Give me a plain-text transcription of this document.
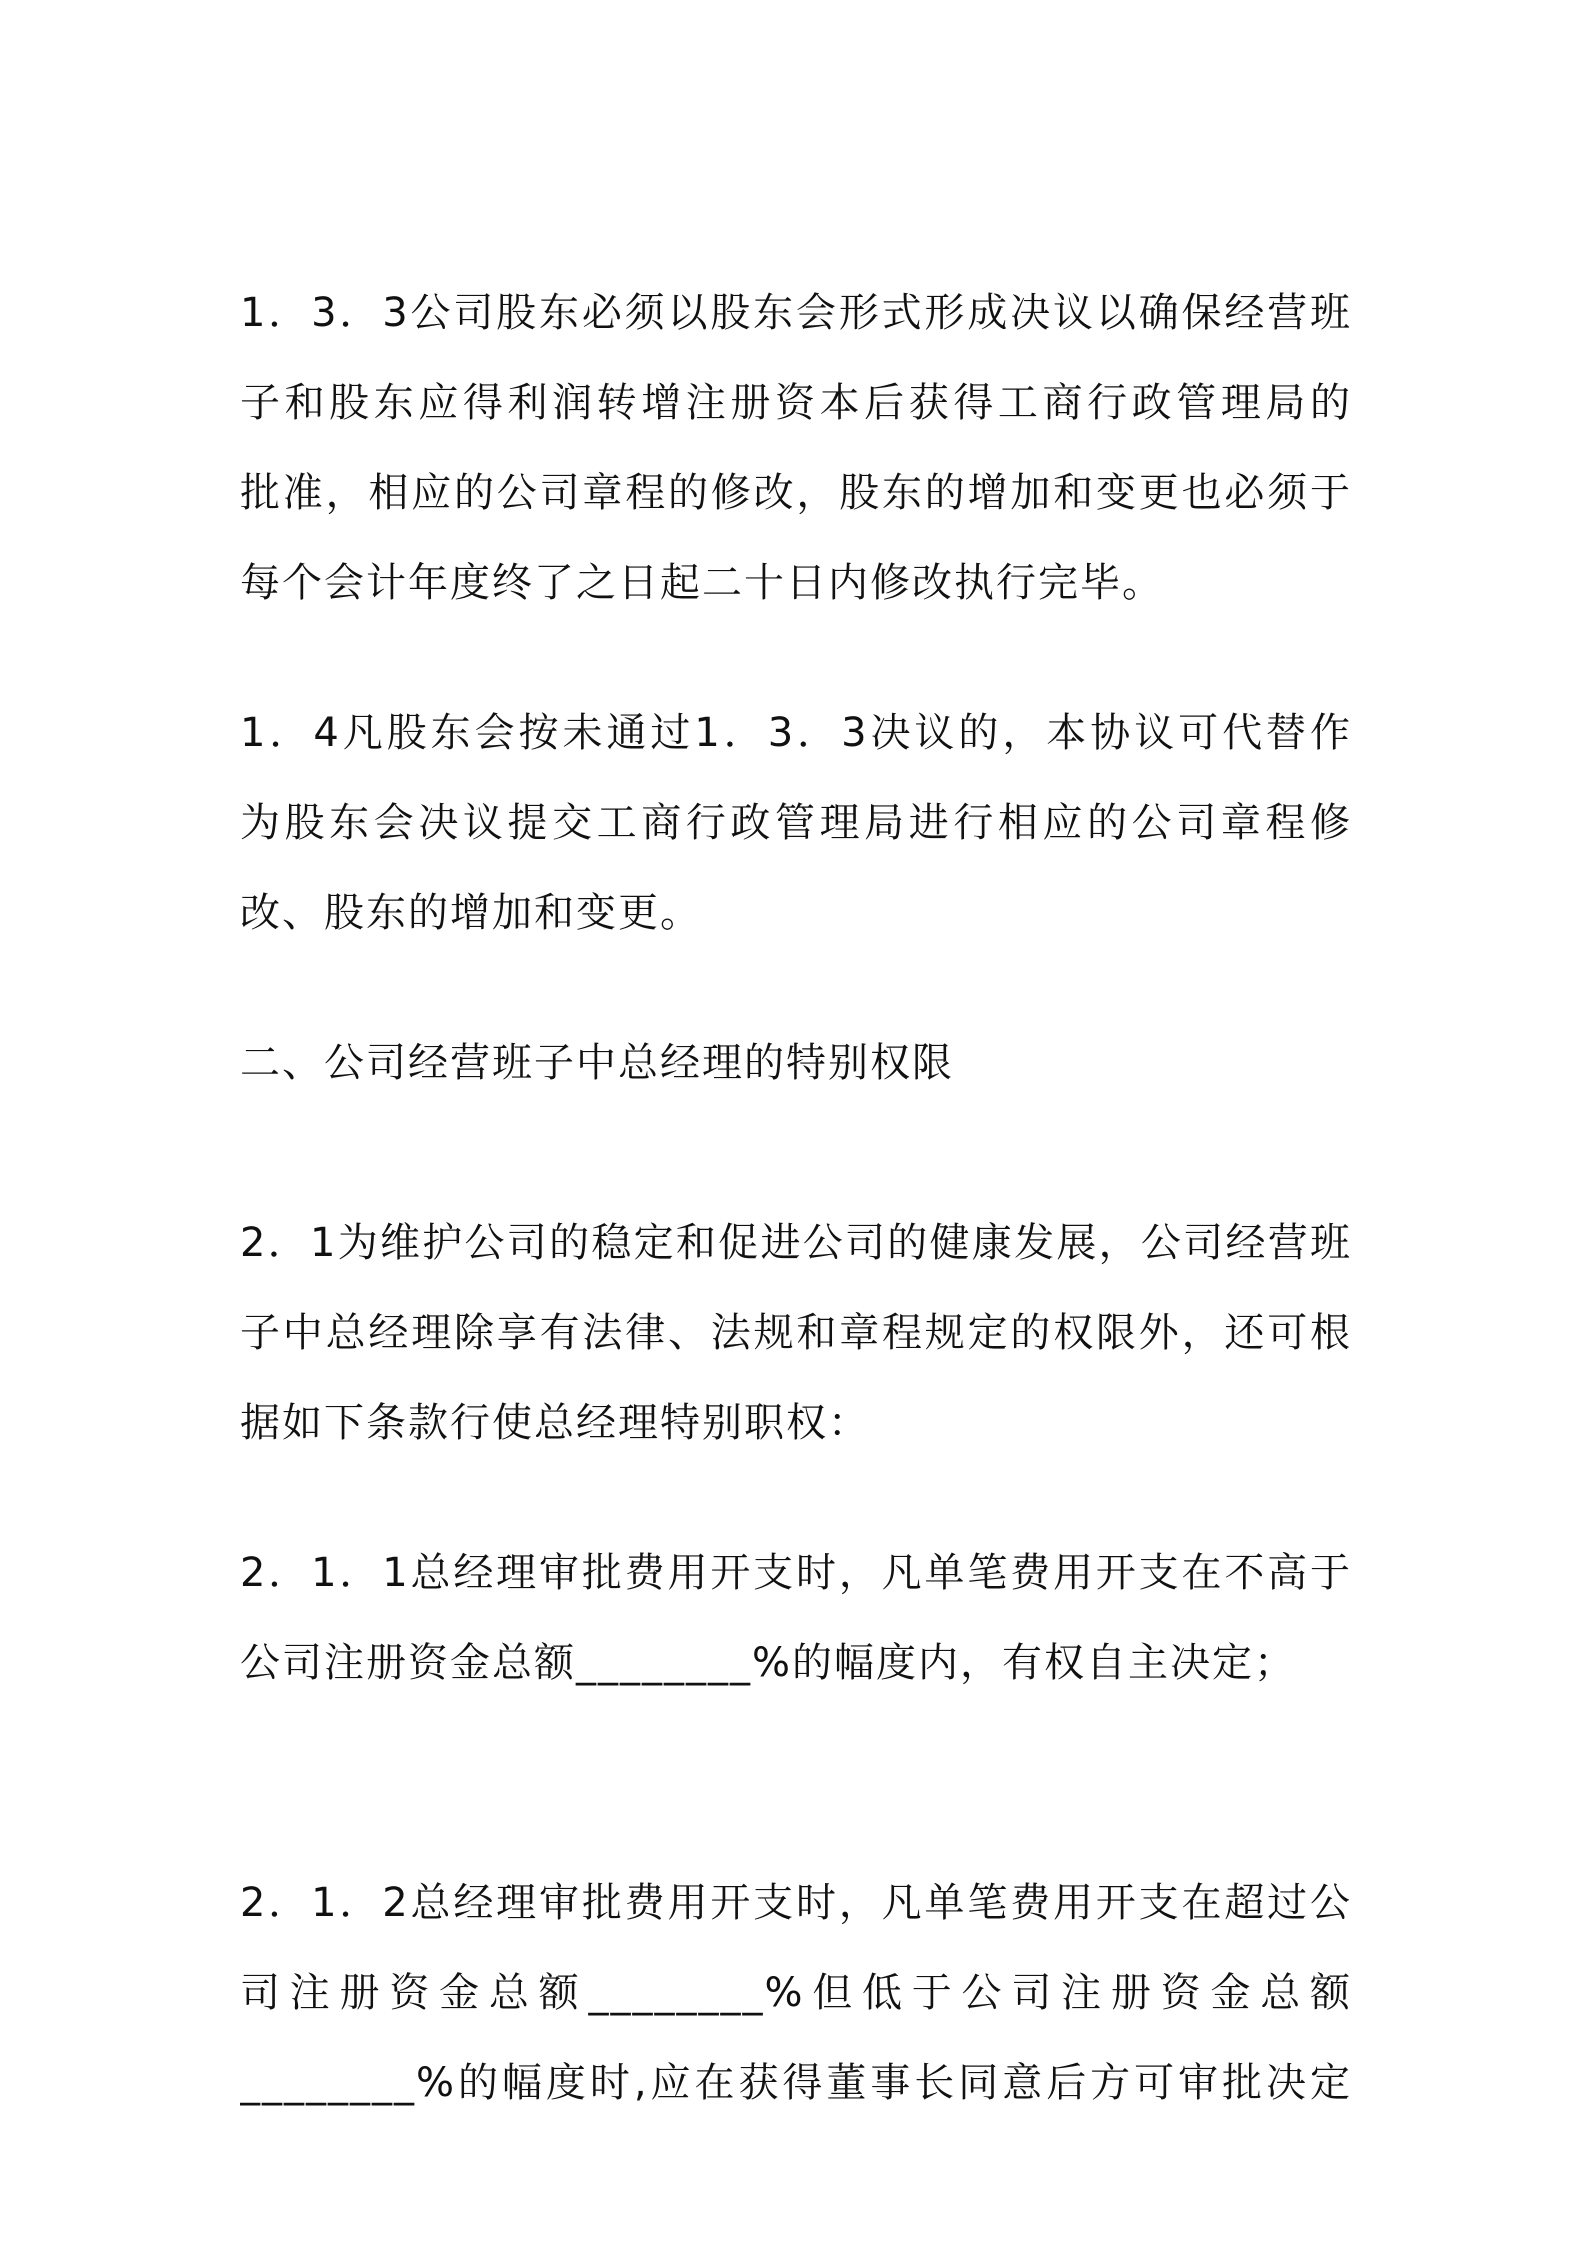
1．3．3公司股东必须以股东会形式形成决议以确保经营班
子和股东应得利润转增注册资本后获得工商行政管理局的
批准，相应的公司章程的修改，股东的增加和变更也必须于
每个会计年度终了之日起二十日内修改执行完毕。

1．4凡股东会按未通过1．3．3决议的，本协议可代替作
为股东会决议提交工商行政管理局进行相应的公司章程修
改、股东的增加和变更。

二、公司经营班子中总经理的特别权限

2．1为维护公司的稳定和促进公司的健康发展，公司经营班
子中总经理除享有法律、法规和章程规定的权限外，还可根
据如下条款行使总经理特别职权：

2．1．1总经理审批费用开支时，凡单笔费用开支在不高于
公司注册资金总额________%的幅度内，有权自主决定；

2．1．2总经理审批费用开支时，凡单笔费用开支在超过公
司注册资金总额________%但低于公司注册资金总额
________%的幅度时,应在获得董事长同意后方可审批决定
